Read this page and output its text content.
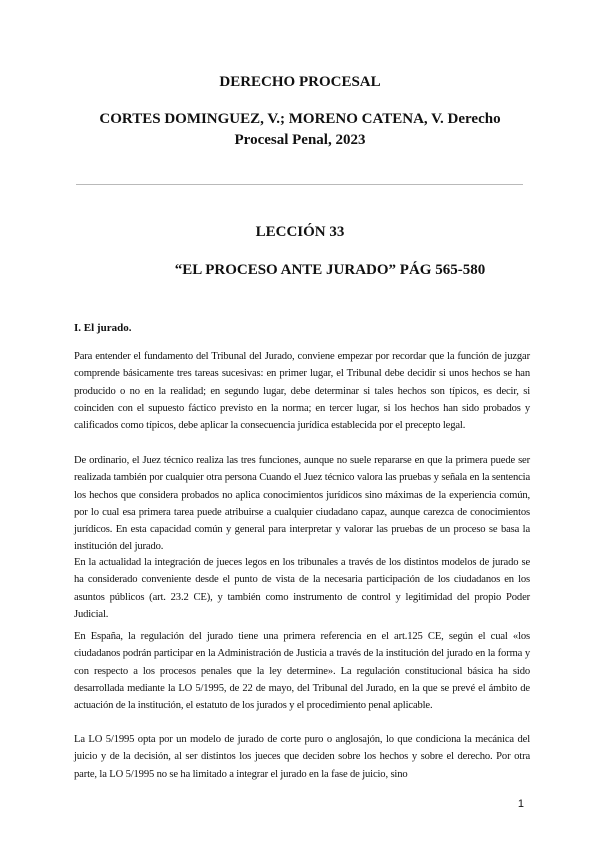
DERECHO PROCESAL
CORTES DOMINGUEZ, V.; MORENO CATENA, V. Derecho Procesal Penal, 2023
LECCIÓN 33
“EL PROCESO ANTE JURADO” PÁG 565-580
I. El jurado.

Para entender el fundamento del Tribunal del Jurado, conviene empezar por recordar que la función de juzgar comprende básicamente tres tareas sucesivas: en primer lugar, el Tribunal debe decidir si unos hechos se han producido o no en la realidad; en segundo lugar, debe determinar si tales hechos son típicos, es decir, si coinciden con el supuesto fáctico previsto en la norma; en tercer lugar, si los hechos han sido probados y calificados como típicos, debe aplicar la consecuencia jurídica establecida por el precepto legal.

De ordinario, el Juez técnico realiza las tres funciones, aunque no suele repararse en que la primera puede ser realizada también por cualquier otra persona Cuando el Juez técnico valora las pruebas y señala en la sentencia los hechos que considera probados no aplica conocimientos jurídicos sino máximas de la experiencia común, por lo cual esa primera tarea puede atribuirse a cualquier ciudadano capaz, aunque carezca de conocimientos jurídicos. En esta capacidad común y general para interpretar y valorar las pruebas de un proceso se basa la institución del jurado.

En la actualidad la integración de jueces legos en los tribunales a través de los distintos modelos de jurado se ha considerado conveniente desde el punto de vista de la necesaria participación de los ciudadanos en los asuntos públicos (art. 23.2 CE), y también como instrumento de control y legitimidad del propio Poder Judicial.

En España, la regulación del jurado tiene una primera referencia en el art.125 CE, según el cual «los ciudadanos podrán participar en la Administración de Justicia a través de la institución del jurado en la forma y con respecto a los procesos penales que la ley determine». La regulación constitucional básica ha sido desarrollada mediante la LO 5/1995, de 22 de mayo, del Tribunal del Jurado, en la que se prevé el ámbito de actuación de la institución, el estatuto de los jurados y el procedimiento penal aplicable.

La LO 5/1995 opta por un modelo de jurado de corte puro o anglosajón, lo que condiciona la mecánica del juicio y de la decisión, al ser distintos los jueces que deciden sobre los hechos y sobre el derecho. Por otra parte, la LO 5/1995 no se ha limitado a integrar el jurado en la fase de juicio, sino

1
